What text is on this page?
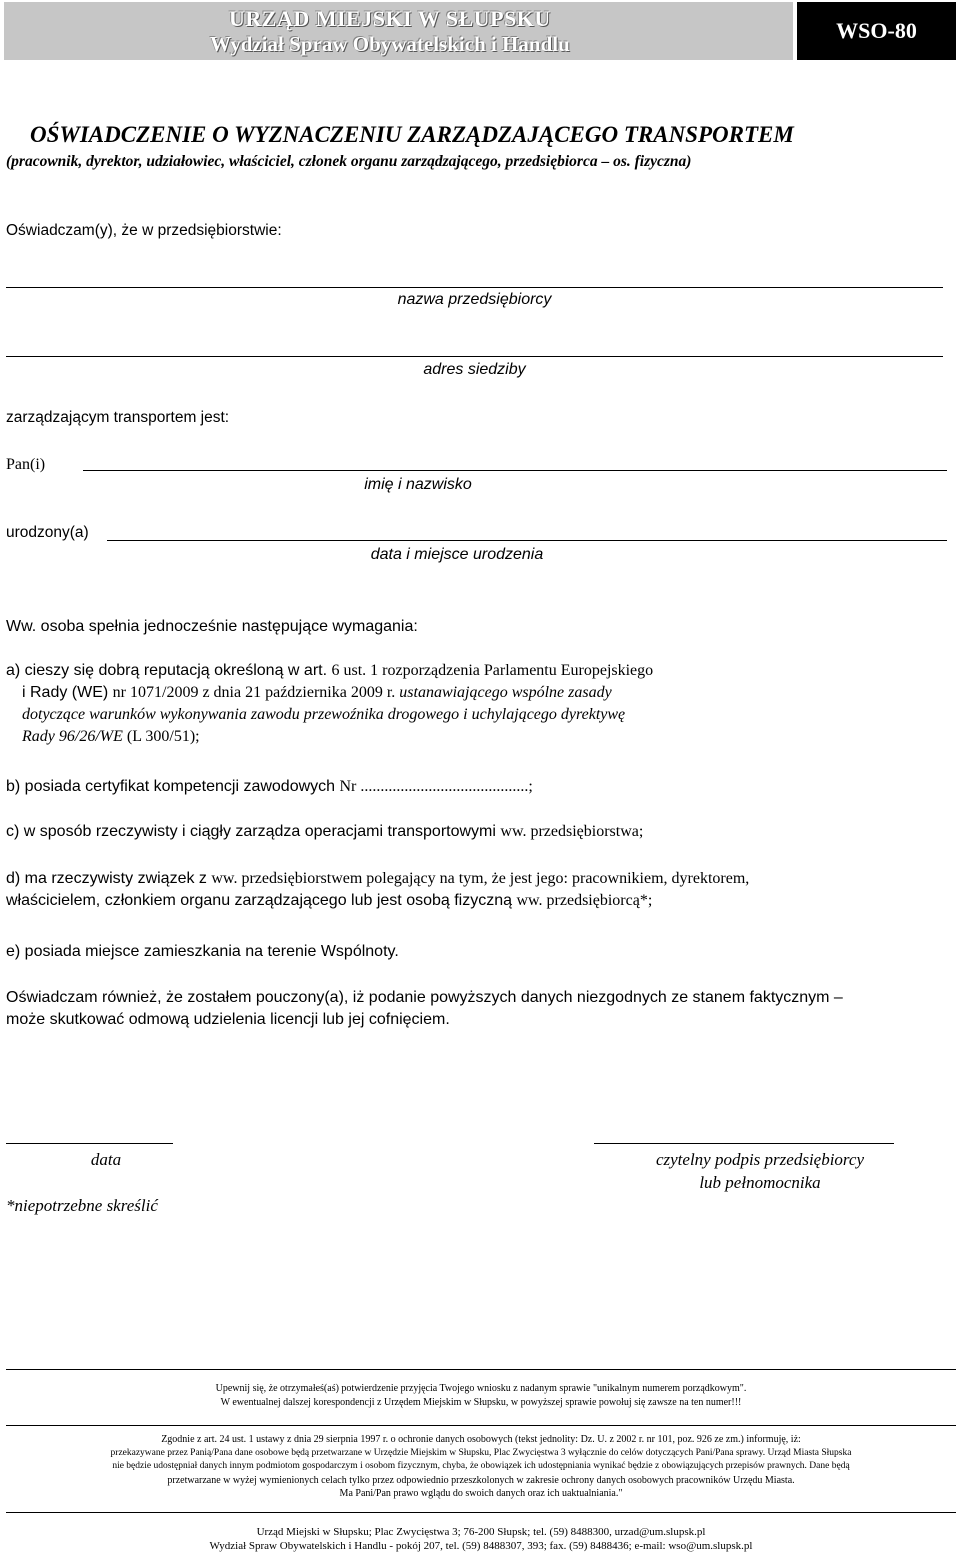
URZĄD MIEJSKI W SŁUPSKU
Wydział Spraw Obywatelskich i Handlu
WSO-80
OŚWIADCZENIE O WYZNACZENIU ZARZĄDZAJĄCEGO TRANSPORTEM
(pracownik, dyrektor, udziałowiec, właściciel, członek organu zarządzającego, przedsiębiorca – os. fizyczna)
Oświadczam(y), że w przedsiębiorstwie:
nazwa przedsiębiorcy
adres siedziby
zarządzającym transportem jest:
Pan(i)
imię i nazwisko
urodzony(a)
data i miejsce urodzenia
Ww. osoba spełnia jednocześnie następujące wymagania:
a) cieszy się dobrą reputacją określoną w art. 6 ust. 1 rozporządzenia Parlamentu Europejskiego
i Rady (WE) nr 1071/2009 z dnia 21 października 2009 r. ustanawiającego wspólne zasady
dotyczące warunków wykonywania zawodu przewoźnika drogowego i uchylającego dyrektywę
Rady 96/26/WE (L 300/51);
b) posiada certyfikat kompetencji zawodowych Nr ..........................................;
c) w sposób rzeczywisty i ciągły zarządza operacjami transportowymi ww. przedsiębiorstwa;
d) ma rzeczywisty związek z ww. przedsiębiorstwem polegający na tym, że jest jego: pracownikiem, dyrektorem,
właścicielem, członkiem organu zarządzającego lub jest osobą fizyczną ww. przedsiębiorcą*;
e) posiada miejsce zamieszkania na terenie Wspólnoty.
Oświadczam również, że zostałem pouczony(a), iż podanie powyższych danych niezgodnych ze stanem faktycznym –
może skutkować odmową udzielenia licencji lub jej cofnięciem.
data	czytelny podpis przedsiębiorcy
lub pełnomocnika
*niepotrzebne skreślić
Upewnij się, że otrzymałeś(aś) potwierdzenie przyjęcia Twojego wniosku z nadanym sprawie "unikalnym numerem porządkowym".
W ewentualnej dalszej korespondencji z Urzędem Miejskim w Słupsku, w powyższej sprawie powołuj się zawsze na ten numer!!!
Zgodnie z art. 24 ust. 1 ustawy z dnia 29 sierpnia 1997 r. o ochronie danych osobowych (tekst jednolity: Dz. U. z 2002 r. nr 101, poz. 926 ze zm.) informuję, iż:
przekazywane przez Panią/Pana dane osobowe będą przetwarzane w Urzędzie Miejskim w Słupsku, Plac Zwycięstwa 3 wyłącznie do celów dotyczących Pani/Pana sprawy. Urząd Miasta Słupska
nie będzie udostępniał danych innym podmiotom gospodarczym i osobom fizycznym, chyba, że obowiązek ich udostępniania wynikać będzie z obowiązujących przepisów prawnych. Dane będą
przetwarzane w wyżej wymienionych celach tylko przez odpowiednio przeszkolonych w zakresie ochrony danych osobowych pracowników Urzędu Miasta.
Ma Pani/Pan prawo wglądu do swoich danych oraz ich uaktualniania."
Urząd Miejski w Słupsku; Plac Zwycięstwa 3; 76-200 Słupsk; tel. (59) 8488300, urzad@um.slupsk.pl
Wydział Spraw Obywatelskich i Handlu - pokój 207, tel. (59) 8488307, 393; fax. (59) 8488436; e-mail: wso@um.slupsk.pl
